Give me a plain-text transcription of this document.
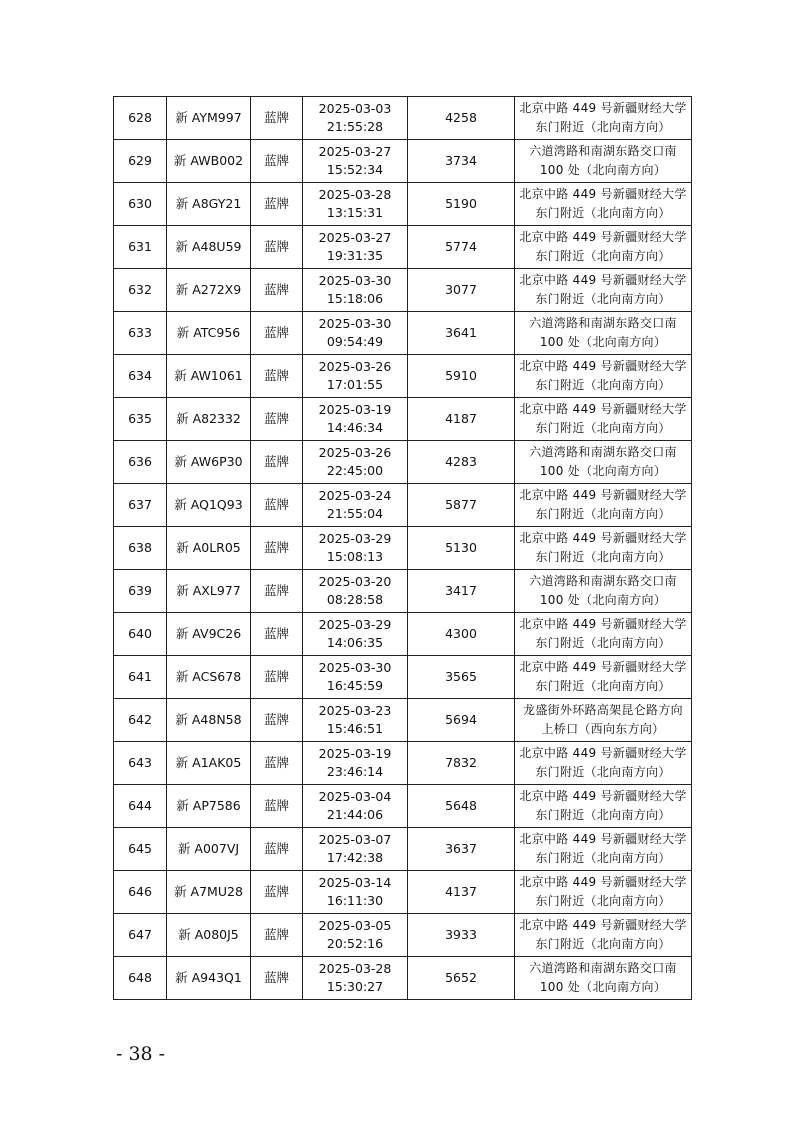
628	新 AYM997	蓝牌	2025-03-03
21:55:28	4258	北京中路 449 号新疆财经大学
东门附近（北向南方向）

629	新 AWB002	蓝牌	2025-03-27
15:52:34	3734	六道湾路和南湖东路交口南
100 处（北向南方向）

630	新 A8GY21	蓝牌	2025-03-28
13:15:31	5190	北京中路 449 号新疆财经大学
东门附近（北向南方向）

631	新 A48U59	蓝牌	2025-03-27
19:31:35	5774	北京中路 449 号新疆财经大学
东门附近（北向南方向）

632	新 A272X9	蓝牌	2025-03-30
15:18:06	3077	北京中路 449 号新疆财经大学
东门附近（北向南方向）

633	新 ATC956	蓝牌	2025-03-30
09:54:49	3641	六道湾路和南湖东路交口南
100 处（北向南方向）

634	新 AW1061	蓝牌	2025-03-26
17:01:55	5910	北京中路 449 号新疆财经大学
东门附近（北向南方向）

635	新 A82332	蓝牌	2025-03-19
14:46:34	4187	北京中路 449 号新疆财经大学
东门附近（北向南方向）

636	新 AW6P30	蓝牌	2025-03-26
22:45:00	4283	六道湾路和南湖东路交口南
100 处（北向南方向）

637	新 AQ1Q93	蓝牌	2025-03-24
21:55:04	5877	北京中路 449 号新疆财经大学
东门附近（北向南方向）

638	新 A0LR05	蓝牌	2025-03-29
15:08:13	5130	北京中路 449 号新疆财经大学
东门附近（北向南方向）

639	新 AXL977	蓝牌	2025-03-20
08:28:58	3417	六道湾路和南湖东路交口南
100 处（北向南方向）

640	新 AV9C26	蓝牌	2025-03-29
14:06:35	4300	北京中路 449 号新疆财经大学
东门附近（北向南方向）

641	新 ACS678	蓝牌	2025-03-30
16:45:59	3565	北京中路 449 号新疆财经大学
东门附近（北向南方向）

642	新 A48N58	蓝牌	2025-03-23
15:46:51	5694	龙盛街外环路高架昆仑路方向
上桥口（西向东方向）

643	新 A1AK05	蓝牌	2025-03-19
23:46:14	7832	北京中路 449 号新疆财经大学
东门附近（北向南方向）

644	新 AP7586	蓝牌	2025-03-04
21:44:06	5648	北京中路 449 号新疆财经大学
东门附近（北向南方向）

645	新 A007VJ	蓝牌	2025-03-07
17:42:38	3637	北京中路 449 号新疆财经大学
东门附近（北向南方向）

646	新 A7MU28	蓝牌	2025-03-14
16:11:30	4137	北京中路 449 号新疆财经大学
东门附近（北向南方向）

647	新 A080J5	蓝牌	2025-03-05
20:52:16	3933	北京中路 449 号新疆财经大学
东门附近（北向南方向）

648	新 A943Q1	蓝牌	2025-03-28
15:30:27	5652	六道湾路和南湖东路交口南
100 处（北向南方向）
- 38 -
